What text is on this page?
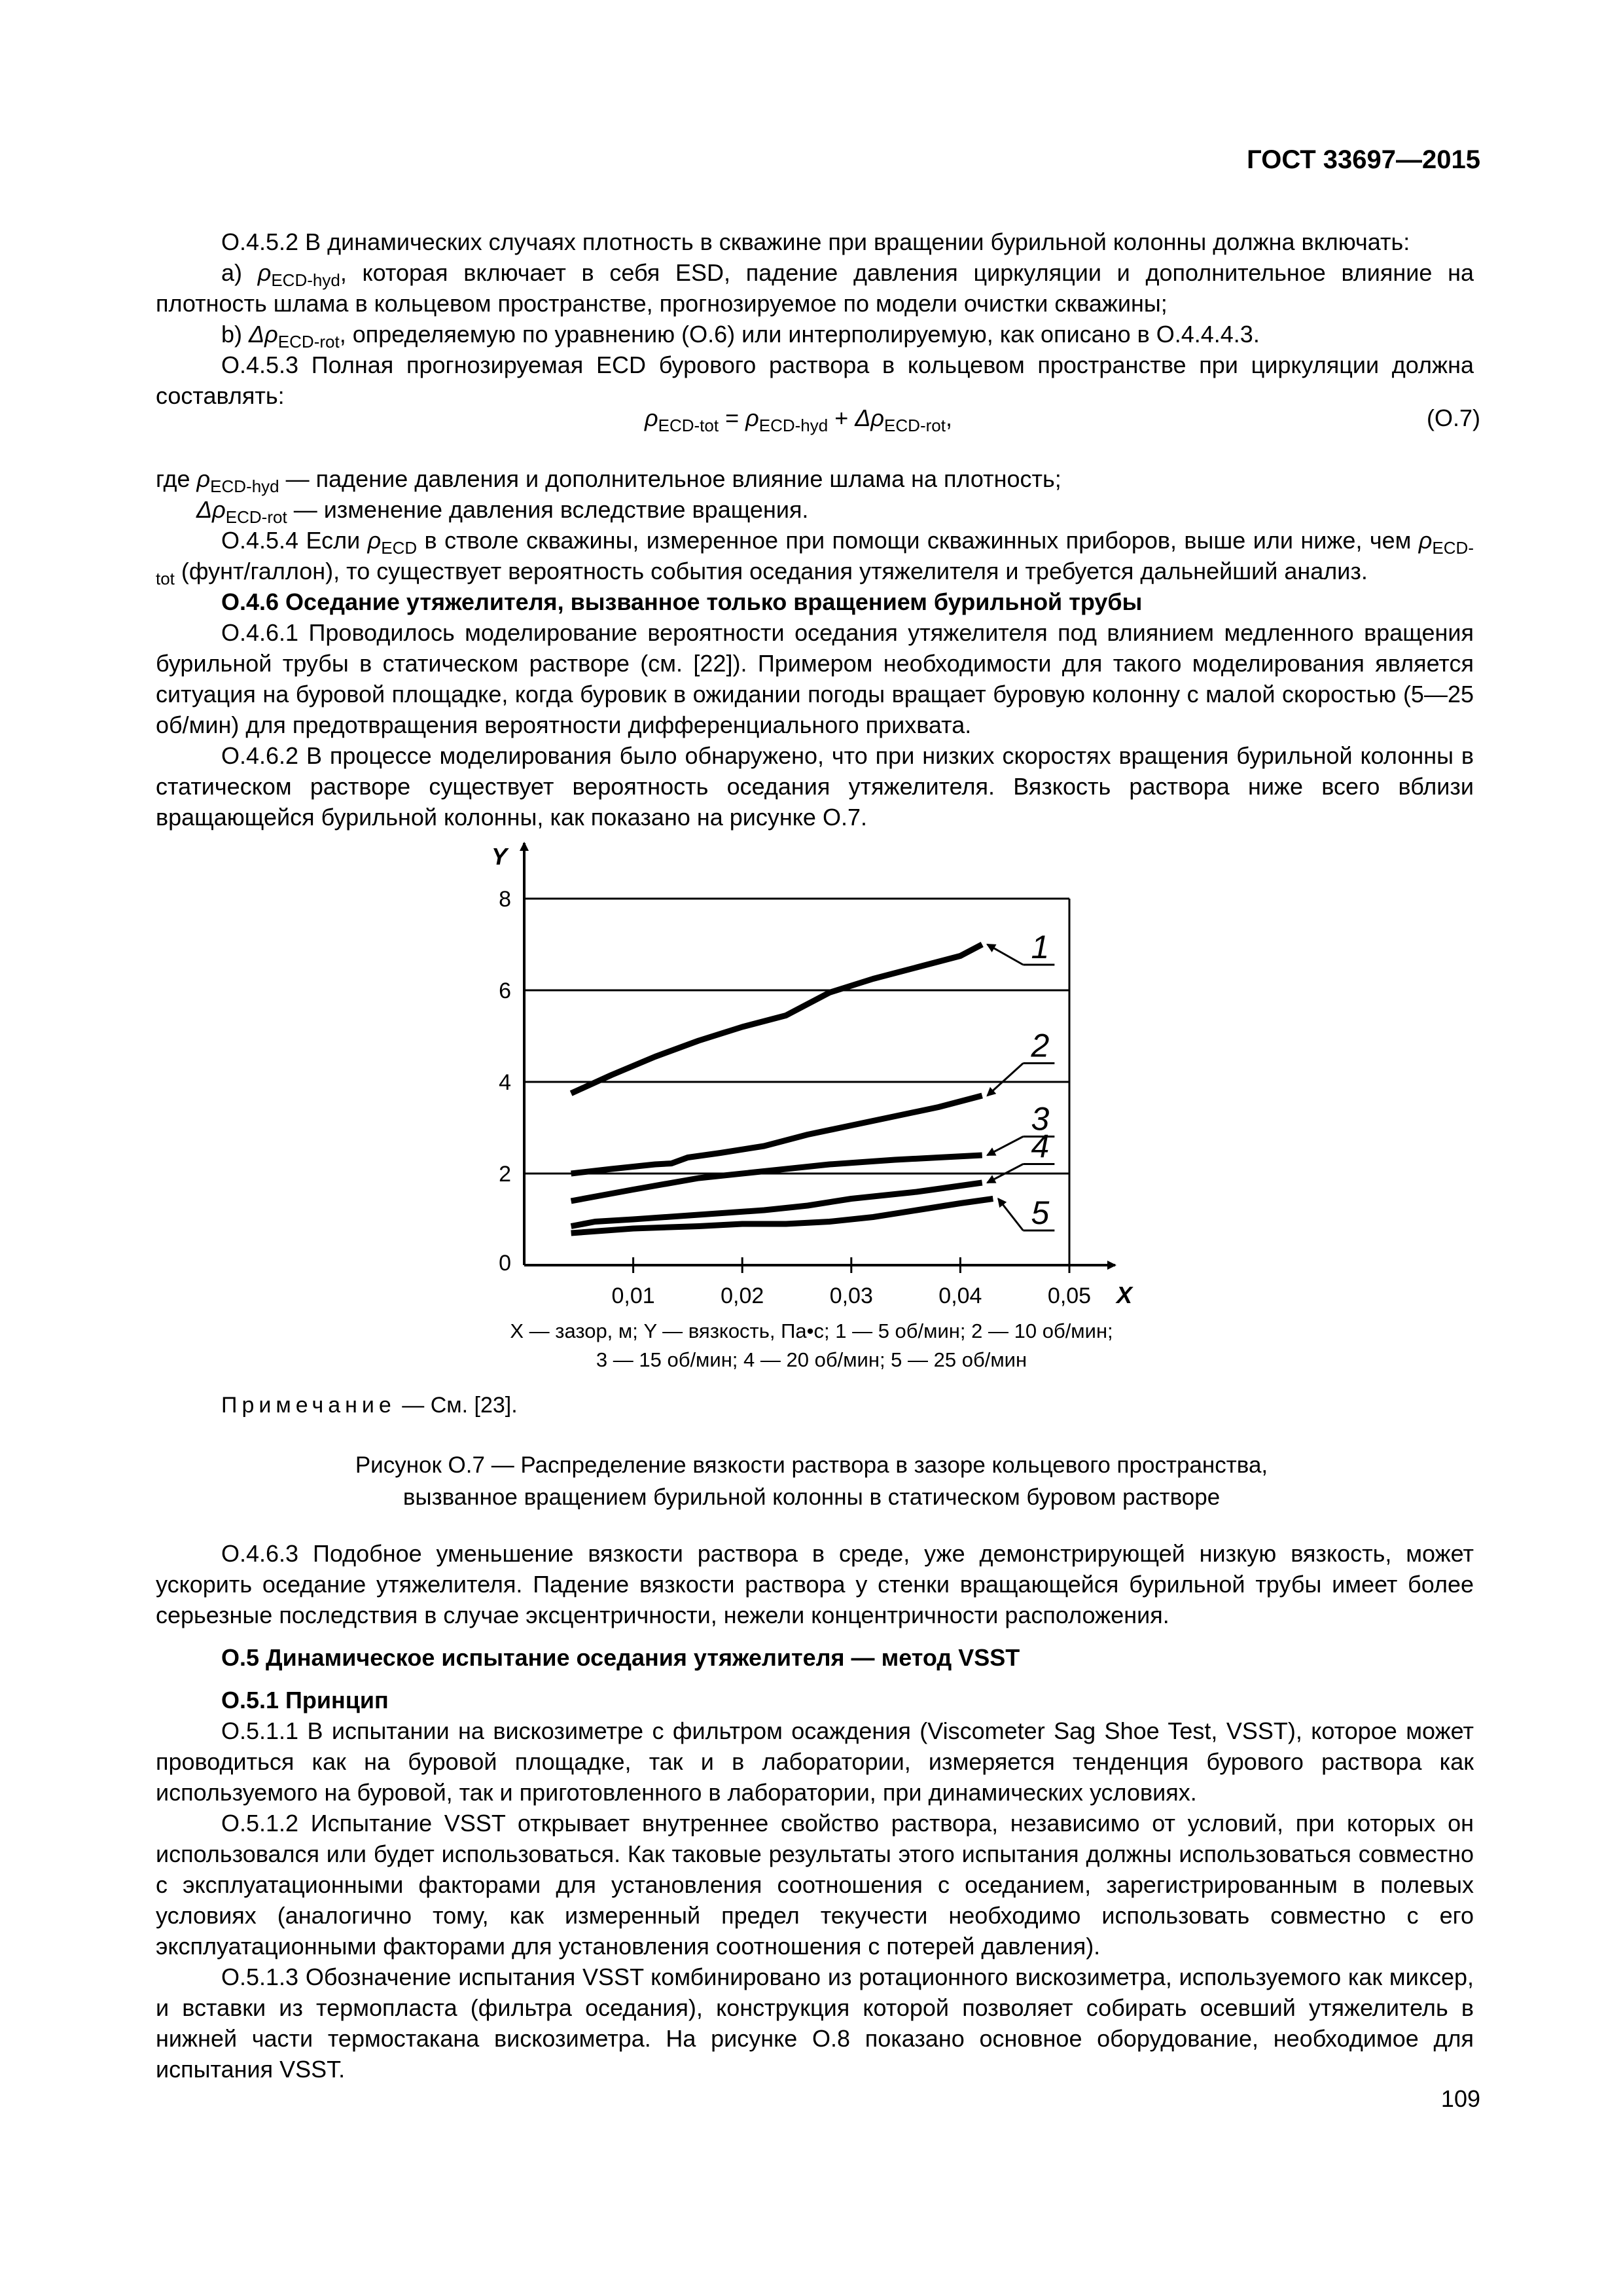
ГОСТ 33697—2015

О.4.5.2 В динамических случаях плотность в скважине при вращении бурильной колонны должна включать:

a) $\rho_{ECD-hyd}$, которая включает в себя ESD, падение давления циркуляции и дополнительное влияние на плотность шлама в кольцевом пространстве, прогнозируемое по модели очистки скважины;

b) $\Delta\rho_{ECD-rot}$, определяемую по уравнению (О.6) или интерполируемую, как описано в О.4.4.4.3.

О.4.5.3 Полная прогнозируемая ECD бурового раствора в кольцевом пространстве при циркуляции должна составлять:

$\rho_{ECD-tot} = \rho_{ECD-hyd} + \Delta\rho_{ECD-rot}$,	(О.7)

где $\rho_{ECD-hyd}$ — падение давления и дополнительное влияние шлама на плотность;

$\Delta\rho_{ECD-rot}$ — изменение давления вследствие вращения.

О.4.5.4 Если $\rho_{ECD}$ в стволе скважины, измеренное при помощи скважинных приборов, выше или ниже, чем $\rho_{ECD-tot}$ (фунт/галлон), то существует вероятность события оседания утяжелителя и требуется дальнейший анализ.

О.4.6 Оседание утяжелителя, вызванное только вращением бурильной трубы

О.4.6.1 Проводилось моделирование вероятности оседания утяжелителя под влиянием медленного вращения бурильной трубы в статическом растворе (см. [22]). Примером необходимости для такого моделирования является ситуация на буровой площадке, когда буровик в ожидании погоды вращает буровую колонну с малой скоростью (5—25 об/мин) для предотвращения вероятности дифференциального прихвата.

О.4.6.2 В процессе моделирования было обнаружено, что при низких скоростях вращения бурильной колонны в статическом растворе существует вероятность оседания утяжелителя. Вязкость раствора ниже всего вблизи вращающейся бурильной колонны, как показано на рисунке О.7.

0,01	0,02	0,03	0,04	0,05
2
4
6
8
0
Y
X
1
2
3
4
5
X — зазор, м; Y — вязкость, Па•с; 1 — 5 об/мин; 2 — 10 об/мин;
3 — 15 об/мин; 4 — 20 об/мин; 5 — 25 об/мин
Примечание — См. [23].
Рисунок О.7 — Распределение вязкости раствора в зазоре кольцевого пространства,
вызванное вращением бурильной колонны в статическом буровом растворе

О.4.6.3 Подобное уменьшение вязкости раствора в среде, уже демонстрирующей низкую вязкость, может ускорить оседание утяжелителя. Падение вязкости раствора у стенки вращающейся бурильной трубы имеет более серьезные последствия в случае эксцентричности, нежели концентричности расположения.

О.5 Динамическое испытание оседания утяжелителя — метод VSST

О.5.1 Принцип

О.5.1.1 В испытании на вискозиметре с фильтром осаждения (Viscometer Sag Shoe Test, VSST), которое может проводиться как на буровой площадке, так и в лаборатории, измеряется тенденция бурового раствора как используемого на буровой, так и приготовленного в лаборатории, при динамических условиях.

О.5.1.2 Испытание VSST открывает внутреннее свойство раствора, независимо от условий, при которых он использовался или будет использоваться. Как таковые результаты этого испытания должны использоваться совместно с эксплуатационными факторами для установления соотношения с оседанием, зарегистрированным в полевых условиях (аналогично тому, как измеренный предел текучести необходимо использовать совместно с его эксплуатационными факторами для установления соотношения с потерей давления).

О.5.1.3 Обозначение испытания VSST комбинировано из ротационного вискозиметра, используемого как миксер, и вставки из термопласта (фильтра оседания), конструкция которой позволяет собирать осевший утяжелитель в нижней части термостакана вискозиметра. На рисунке О.8 показано основное оборудование, необходимое для испытания VSST.

109
